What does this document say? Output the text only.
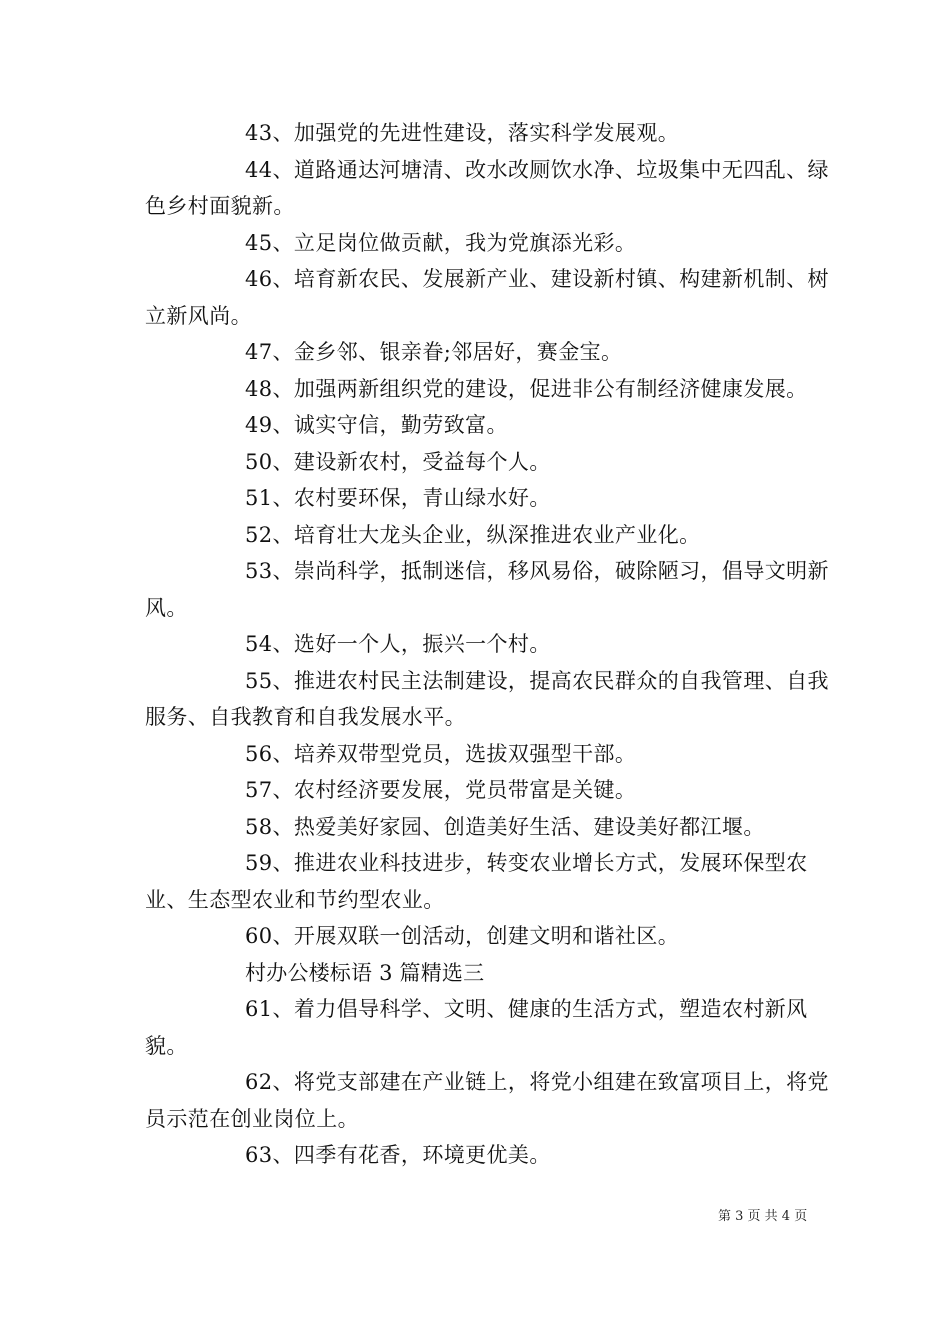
43、加强党的先进性建设，落实科学发展观。

44、道路通达河塘清、改水改厕饮水净、垃圾集中无四乱、绿色乡村面貌新。

45、立足岗位做贡献，我为党旗添光彩。

46、培育新农民、发展新产业、建设新村镇、构建新机制、树立新风尚。

47、金乡邻、银亲眷;邻居好，赛金宝。

48、加强两新组织党的建设，促进非公有制经济健康发展。

49、诚实守信，勤劳致富。

50、建设新农村，受益每个人。

51、农村要环保，青山绿水好。

52、培育壮大龙头企业，纵深推进农业产业化。

53、崇尚科学，抵制迷信，移风易俗，破除陋习，倡导文明新风。

54、选好一个人，振兴一个村。

55、推进农村民主法制建设，提高农民群众的自我管理、自我服务、自我教育和自我发展水平。

56、培养双带型党员，选拔双强型干部。

57、农村经济要发展，党员带富是关键。

58、热爱美好家园、创造美好生活、建设美好都江堰。

59、推进农业科技进步，转变农业增长方式，发展环保型农业、生态型农业和节约型农业。

60、开展双联一创活动，创建文明和谐社区。

村办公楼标语 3 篇精选三

61、着力倡导科学、文明、健康的生活方式，塑造农村新风貌。

62、将党支部建在产业链上，将党小组建在致富项目上，将党员示范在创业岗位上。

63、四季有花香，环境更优美。

第 3 页 共 4 页
